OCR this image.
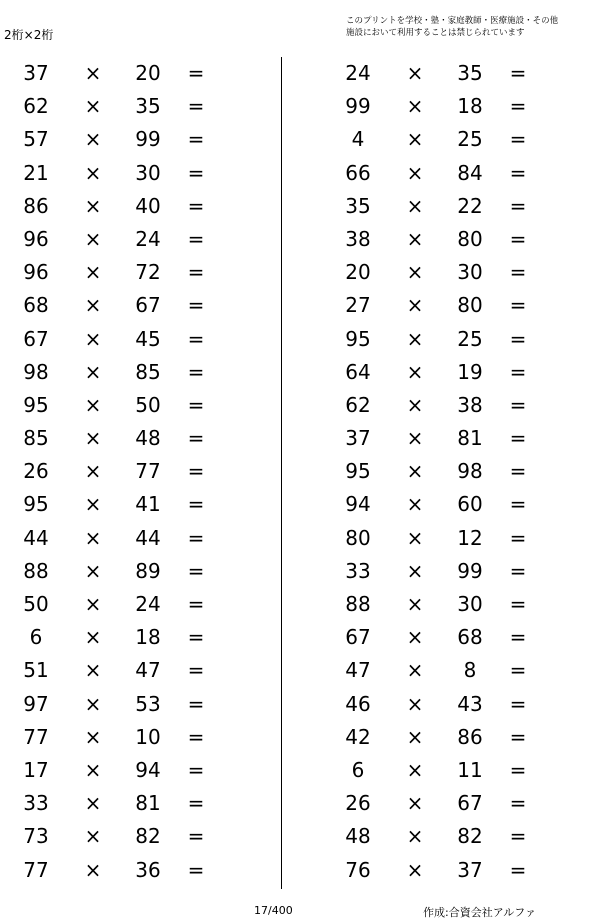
2桁×2桁
このプリントを学校・塾・家庭教師・医療施設・その他
施設において利用することは禁じられています
37	×	20	=
62	×	35	=
57	×	99	=
21	×	30	=
86	×	40	=
96	×	24	=
96	×	72	=
68	×	67	=
67	×	45	=
98	×	85	=
95	×	50	=
85	×	48	=
26	×	77	=
95	×	41	=
44	×	44	=
88	×	89	=
50	×	24	=
6	×	18	=
51	×	47	=
97	×	53	=
77	×	10	=
17	×	94	=
33	×	81	=
73	×	82	=
77	×	36	=
24	×	35	=
99	×	18	=
4	×	25	=
66	×	84	=
35	×	22	=
38	×	80	=
20	×	30	=
27	×	80	=
95	×	25	=
64	×	19	=
62	×	38	=
37	×	81	=
95	×	98	=
94	×	60	=
80	×	12	=
33	×	99	=
88	×	30	=
67	×	68	=
47	×	8	=
46	×	43	=
42	×	86	=
6	×	11	=
26	×	67	=
48	×	82	=
76	×	37	=
17/400	作成:合資会社アルファ
